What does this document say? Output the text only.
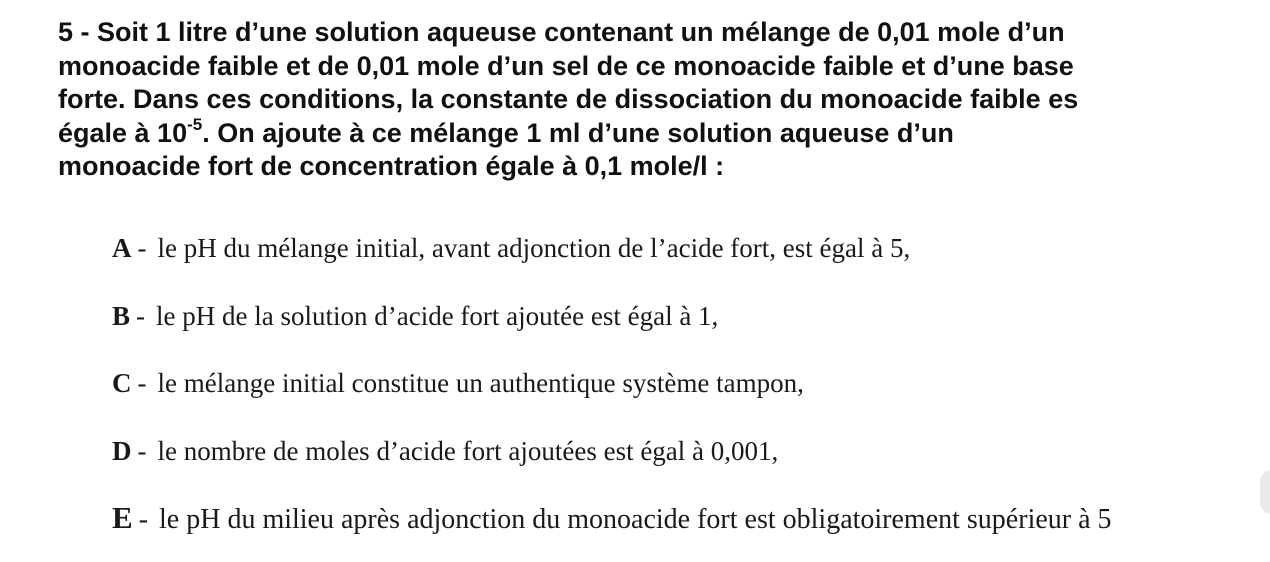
5 - Soit 1 litre d’une solution aqueuse contenant un mélange de 0,01 mole d’un
monoacide faible et de 0,01 mole d’un sel de ce monoacide faible et d’une base
forte. Dans ces conditions, la constante de dissociation du monoacide faible es
égale à $10^{-5}$. On ajoute à ce mélange 1 ml d’une solution aqueuse d’un
monoacide fort de concentration égale à 0,1 mole/l :

A - le pH du mélange initial, avant adjonction de l’acide fort, est égal à 5,
B - le pH de la solution d’acide fort ajoutée est égal à 1,
C - le mélange initial constitue un authentique système tampon,
D - le nombre de moles d’acide fort ajoutées est égal à 0,001,
E - le pH du milieu après adjonction du monoacide fort est obligatoirement supérieur à 5
